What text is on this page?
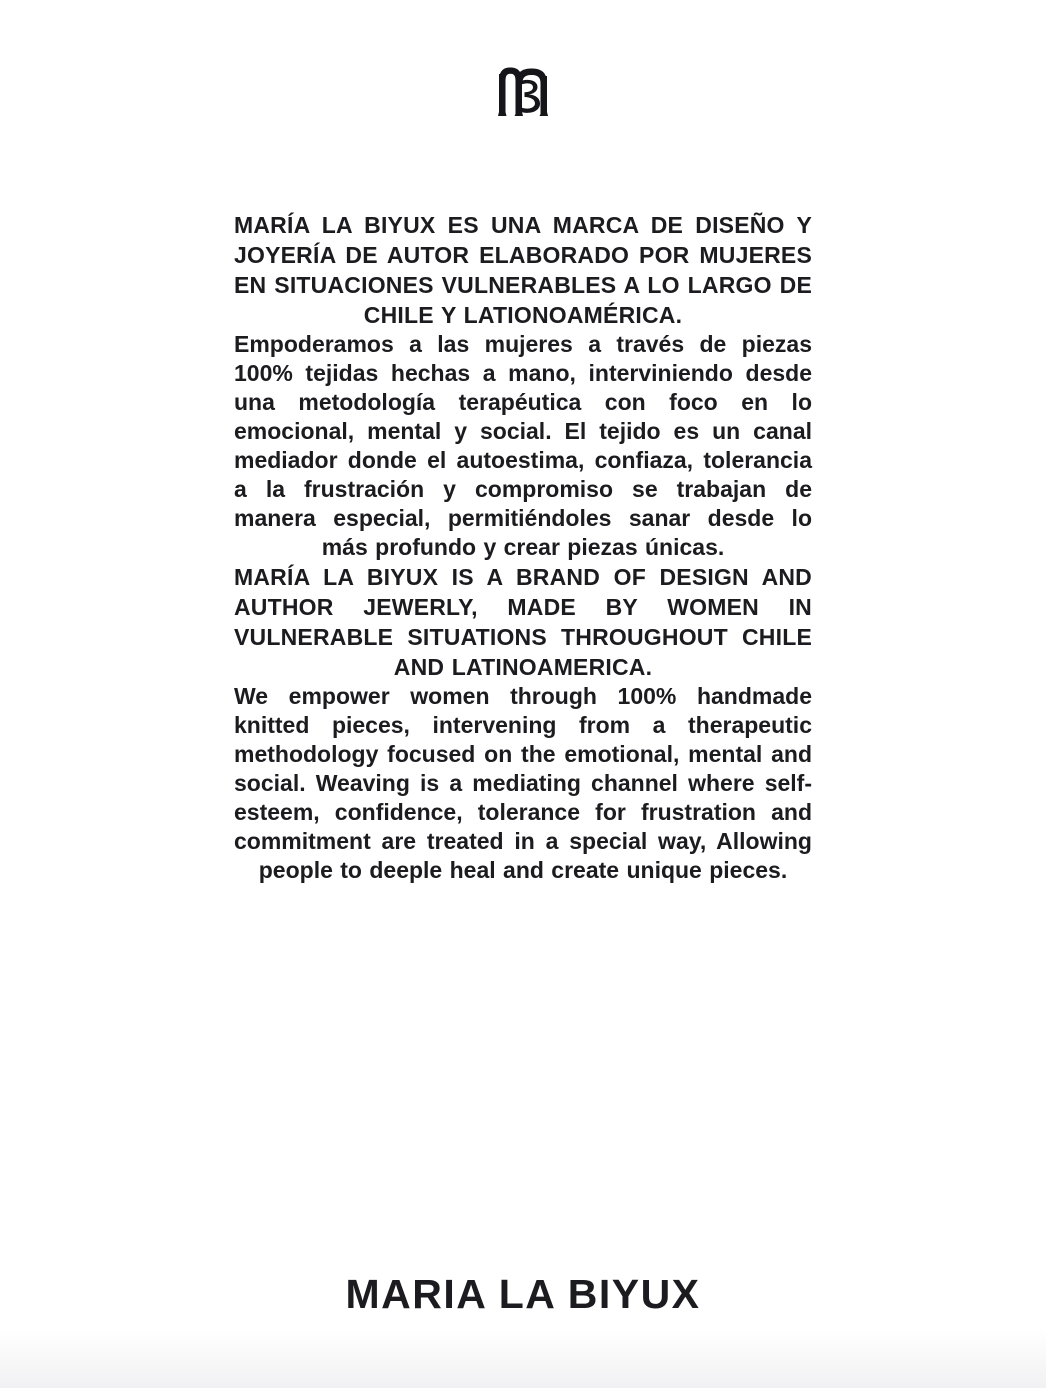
MARÍA LA BIYUX ES UNA MARCA DE DISEÑO Y JOYERÍA DE AUTOR ELABORADO POR MUJERES EN SITUACIONES VULNERABLES A LO LARGO DE CHILE Y LATIONOAMÉRICA.

Empoderamos a las mujeres a través de piezas 100% tejidas hechas a mano, interviniendo desde una metodología terapéutica con foco en lo emocional, mental y social. El tejido es un canal mediador donde el autoestima, confiaza, tolerancia a la frustración y compromiso se trabajan de manera especial, permitiéndoles sanar desde lo más profundo y crear piezas únicas.

MARÍA LA BIYUX IS A BRAND OF DESIGN AND AUTHOR JEWERLY, MADE BY WOMEN IN VULNERABLE SITUATIONS THROUGHOUT CHILE AND LATINOAMERICA.

We empower women through 100% handmade knitted pieces, intervening from a therapeutic methodology focused on the emotional, mental and social. Weaving is a mediating channel where self-esteem, confidence, tolerance for frustration and commitment are treated in a special way, Allowing people to deeple heal and create unique pieces.

MARIA LA BIYUX
